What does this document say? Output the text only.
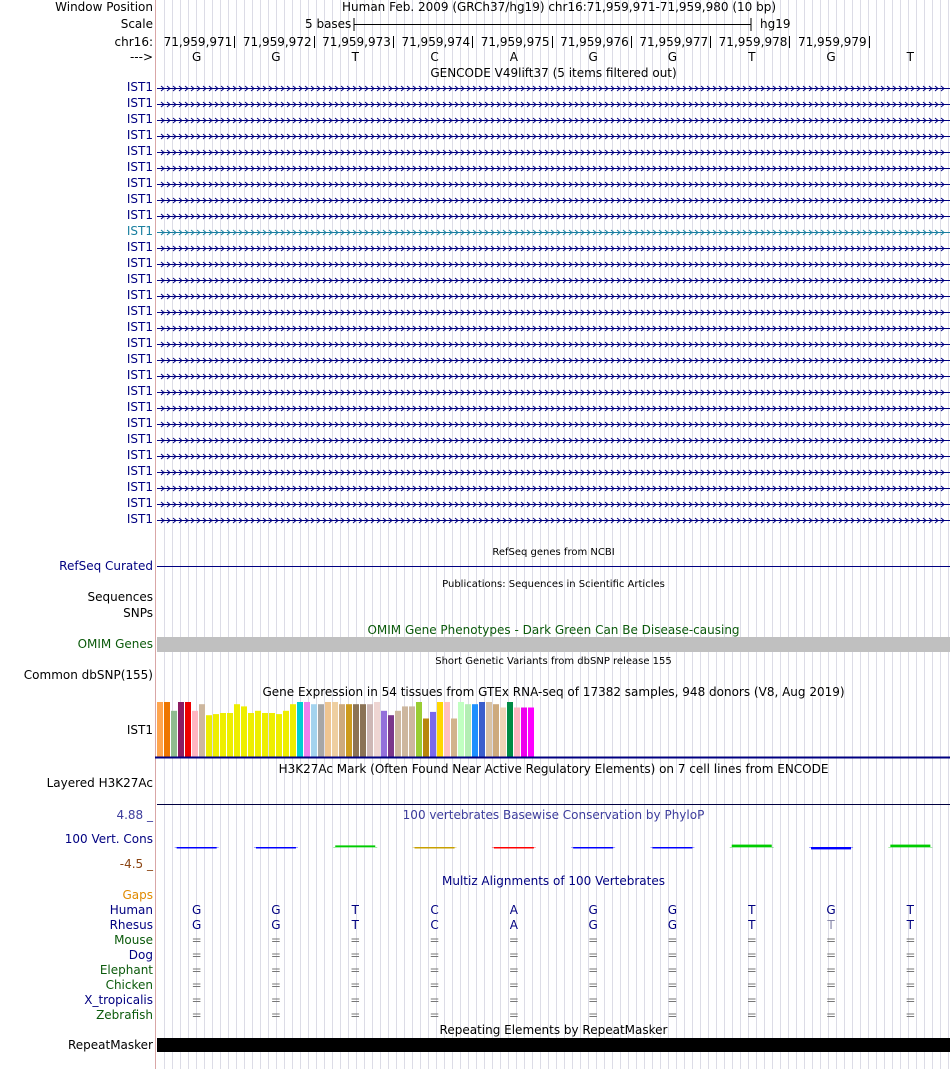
Window Position	Human Feb. 2009 (GRCh37/hg19) chr16:71,959,971-71,959,980 (10 bp)
Scale	5 bases	hg19
chr16: 71,959,971 71,959,972 71,959,973 71,959,974 71,959,975 71,959,976 71,959,977 71,959,978 71,959,979
--->	G	G	T	C	A	G	G	T	G	T
GENCODE V49lift37 (5 items filtered out)
IST1
IST1
IST1
IST1
IST1
IST1
IST1
IST1
IST1
IST1
IST1
IST1
IST1
IST1
IST1
IST1
IST1
IST1
IST1
IST1
IST1
IST1
IST1
IST1
IST1
IST1
IST1
IST1
RefSeq genes from NCBI
RefSeq Curated
Publications: Sequences in Scientific Articles
Sequences
SNPs
OMIM Gene Phenotypes - Dark Green Can Be Disease-causing
OMIM Genes
Short Genetic Variants from dbSNP release 155
Common dbSNP(155)
Gene Expression in 54 tissues from GTEx RNA-seq of 17382 samples, 948 donors (V8, Aug 2019)
IST1
H3K27Ac Mark (Often Found Near Active Regulatory Elements) on 7 cell lines from ENCODE
Layered H3K27Ac
100 vertebrates Basewise Conservation by PhyloP
4.88 _
100 Vert. Cons
-4.5 _
Multiz Alignments of 100 Vertebrates
Gaps
Human	G	G	T	C	A	G	G	T	G	T
Rhesus	G	G	T	C	A	G	G	T	T	T
Mouse	=	=	=	=	=	=	=	=	=	=
Dog	=	=	=	=	=	=	=	=	=	=
Elephant	=	=	=	=	=	=	=	=	=	=
Chicken	=	=	=	=	=	=	=	=	=	=
X_tropicalis	=	=	=	=	=	=	=	=	=	=
Zebrafish	=	=	=	=	=	=	=	=	=	=
Repeating Elements by RepeatMasker
RepeatMasker
